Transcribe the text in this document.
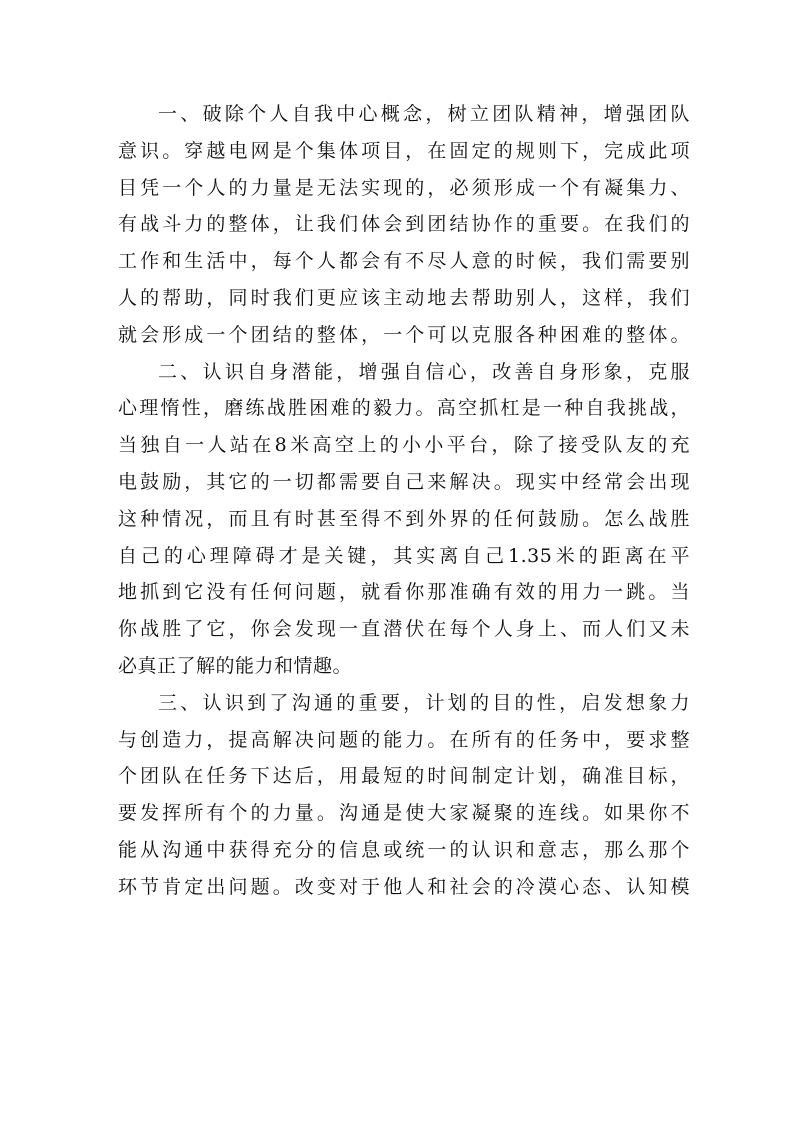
一、破除个人自我中心概念，树立团队精神，增强团队
意识。穿越电网是个集体项目，在固定的规则下，完成此项
目凭一个人的力量是无法实现的，必须形成一个有凝集力、
有战斗力的整体，让我们体会到团结协作的重要。在我们的
工作和生活中，每个人都会有不尽人意的时候，我们需要别
人的帮助，同时我们更应该主动地去帮助别人，这样，我们
就会形成一个团结的整体，一个可以克服各种困难的整体。
二、认识自身潜能，增强自信心，改善自身形象，克服
心理惰性，磨练战胜困难的毅力。高空抓杠是一种自我挑战，
当独自一人站在8米高空上的小小平台，除了接受队友的充
电鼓励，其它的一切都需要自己来解决。现实中经常会出现
这种情况，而且有时甚至得不到外界的任何鼓励。怎么战胜
自己的心理障碍才是关键，其实离自己1.35米的距离在平
地抓到它没有任何问题，就看你那准确有效的用力一跳。当
你战胜了它，你会发现一直潜伏在每个人身上、而人们又未
必真正了解的能力和情趣。
三、认识到了沟通的重要，计划的目的性，启发想象力
与创造力，提高解决问题的能力。在所有的任务中，要求整
个团队在任务下达后，用最短的时间制定计划，确准目标，
要发挥所有个的力量。沟通是使大家凝聚的连线。如果你不
能从沟通中获得充分的信息或统一的认识和意志，那么那个
环节肯定出问题。改变对于他人和社会的冷漠心态、认知模
